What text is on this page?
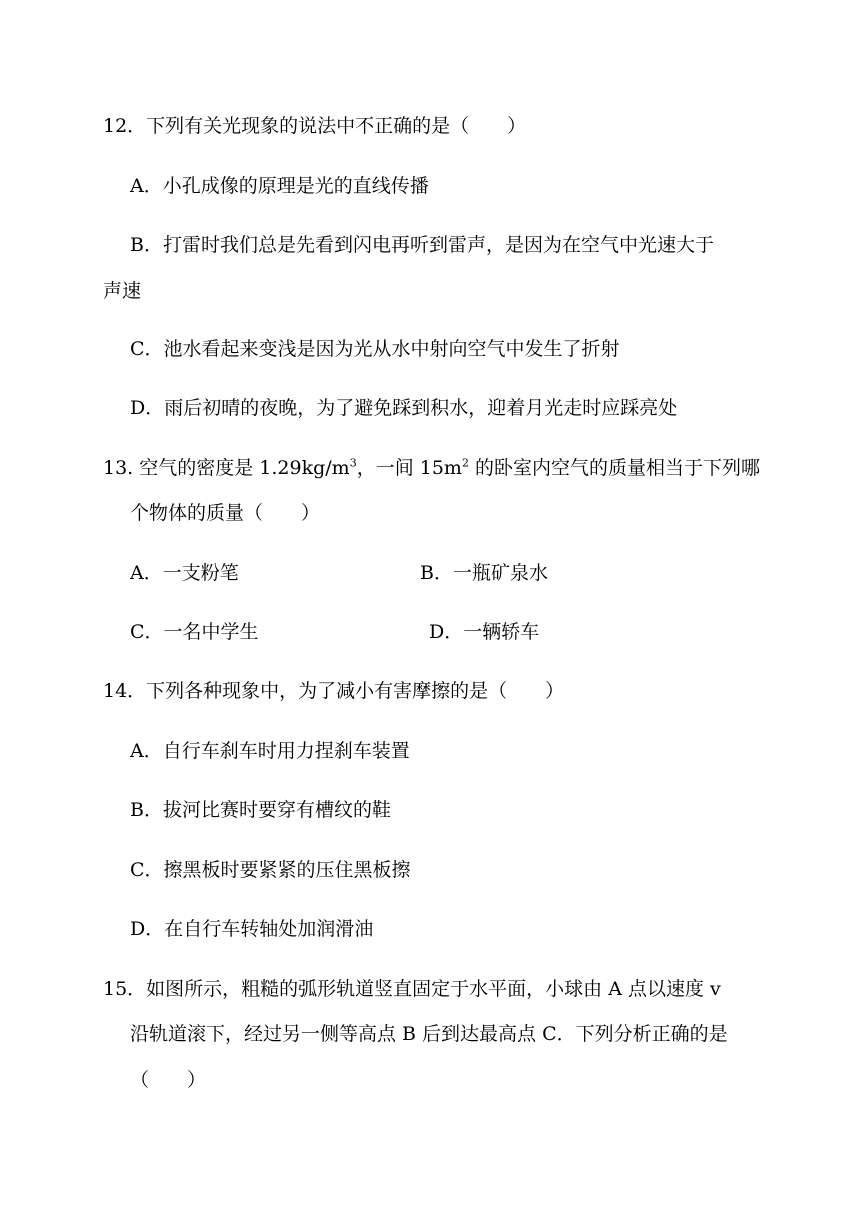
12．下列有关光现象的说法中不正确的是（　　）
A．小孔成像的原理是光的直线传播
B．打雷时我们总是先看到闪电再听到雷声，是因为在空气中光速大于
声速
C．池水看起来变浅是因为光从水中射向空气中发生了折射
D．雨后初晴的夜晚，为了避免踩到积水，迎着月光走时应踩亮处
13. 空气的密度是 $1.29kg/m^3$，一间 $15m^2$ 的卧室内空气的质量相当于下列哪
个物体的质量（　　）
A．一支粉笔	B．一瓶矿泉水
C．一名中学生	D．一辆轿车
14．下列各种现象中，为了减小有害摩擦的是（　　）
A．自行车刹车时用力捏刹车装置
B．拔河比赛时要穿有槽纹的鞋
C．擦黑板时要紧紧的压住黑板擦
D．在自行车转轴处加润滑油
15．如图所示，粗糙的弧形轨道竖直固定于水平面，小球由 A 点以速度 v
沿轨道滚下，经过另一侧等高点 B 后到达最高点 C．下列分析正确的是
（　　）
